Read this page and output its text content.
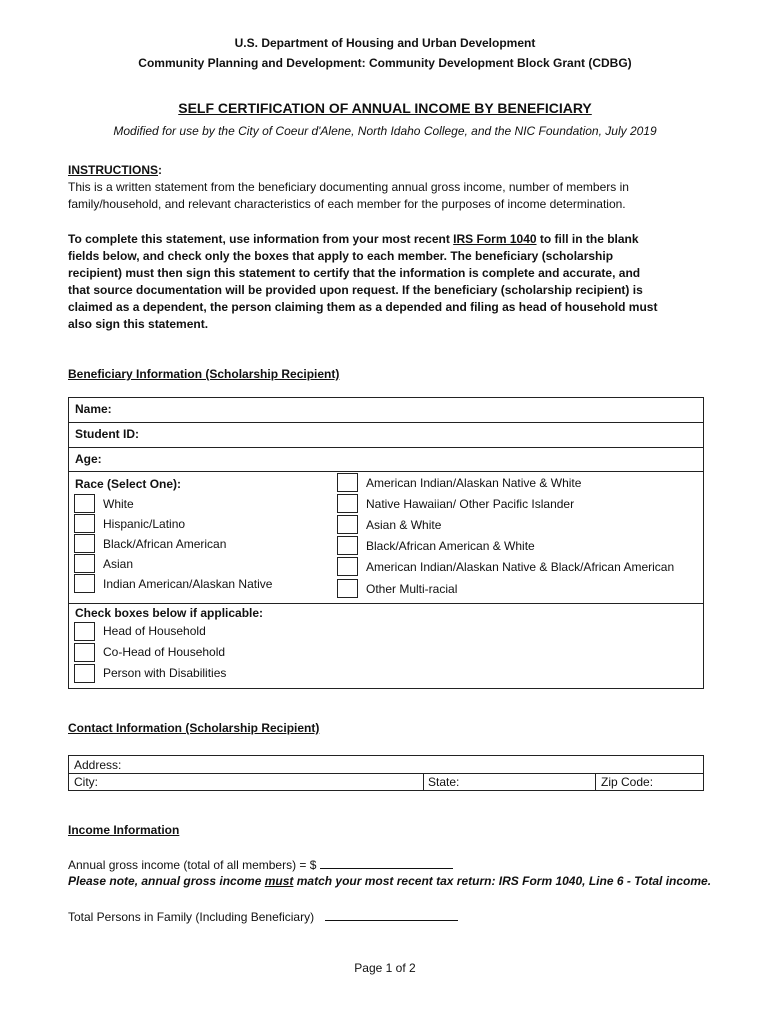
U.S. Department of Housing and Urban Development
Community Planning and Development: Community Development Block Grant (CDBG)
SELF CERTIFICATION OF ANNUAL INCOME BY BENEFICIARY
Modified for use by the City of Coeur d'Alene, North Idaho College, and the NIC Foundation, July 2019
INSTRUCTIONS:
This is a written statement from the beneficiary documenting annual gross income, number of members in
family/household, and relevant characteristics of each member for the purposes of income determination.
To complete this statement, use information from your most recent IRS Form 1040 to fill in the blank
fields below, and check only the boxes that apply to each member. The beneficiary (scholarship
recipient) must then sign this statement to certify that the information is complete and accurate, and
that source documentation will be provided upon request. If the beneficiary (scholarship recipient) is
claimed as a dependent, the person claiming them as a depended and filing as head of household must
also sign this statement.
Beneficiary Information (Scholarship Recipient)
Name:
Student ID:
Age:
Race (Select One):
White
Hispanic/Latino
Black/African American
Asian
Indian American/Alaskan Native
American Indian/Alaskan Native & White
Native Hawaiian/ Other Pacific Islander
Asian & White
Black/African American & White
American Indian/Alaskan Native & Black/African American
Other Multi-racial
Check boxes below if applicable:
Head of Household
Co-Head of Household
Person with Disabilities
Contact Information (Scholarship Recipient)
Address:
City:	State:	Zip Code:
Income Information
Annual gross income (total of all members) = $
Please note, annual gross income must match your most recent tax return: IRS Form 1040, Line 6 - Total income.
Total Persons in Family (Including Beneficiary)
Page 1 of 2
